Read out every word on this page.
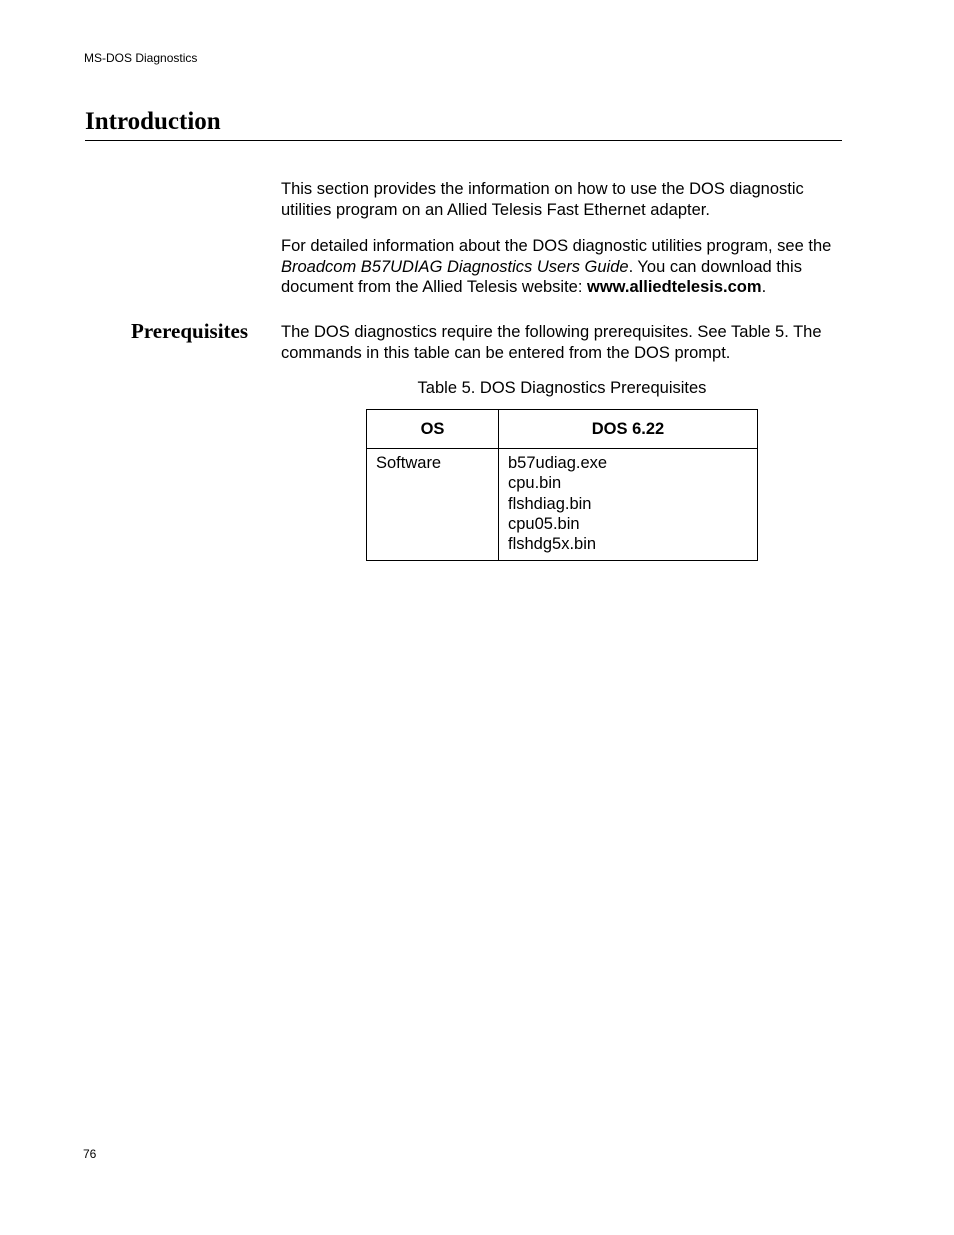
MS-DOS Diagnostics
Introduction

This section provides the information on how to use the DOS diagnostic utilities program on an Allied Telesis Fast Ethernet adapter.

For detailed information about the DOS diagnostic utilities program, see the Broadcom B57UDIAG Diagnostics Users Guide. You can download this document from the Allied Telesis website: www.alliedtelesis.com.

Prerequisites The DOS diagnostics require the following prerequisites. See Table 5. The commands in this table can be entered from the DOS prompt.

Table 5. DOS Diagnostics Prerequisites
OS	DOS 6.22
Software	b57udiag.exe
cpu.bin
flshdiag.bin
cpu05.bin
flshdg5x.bin
76
